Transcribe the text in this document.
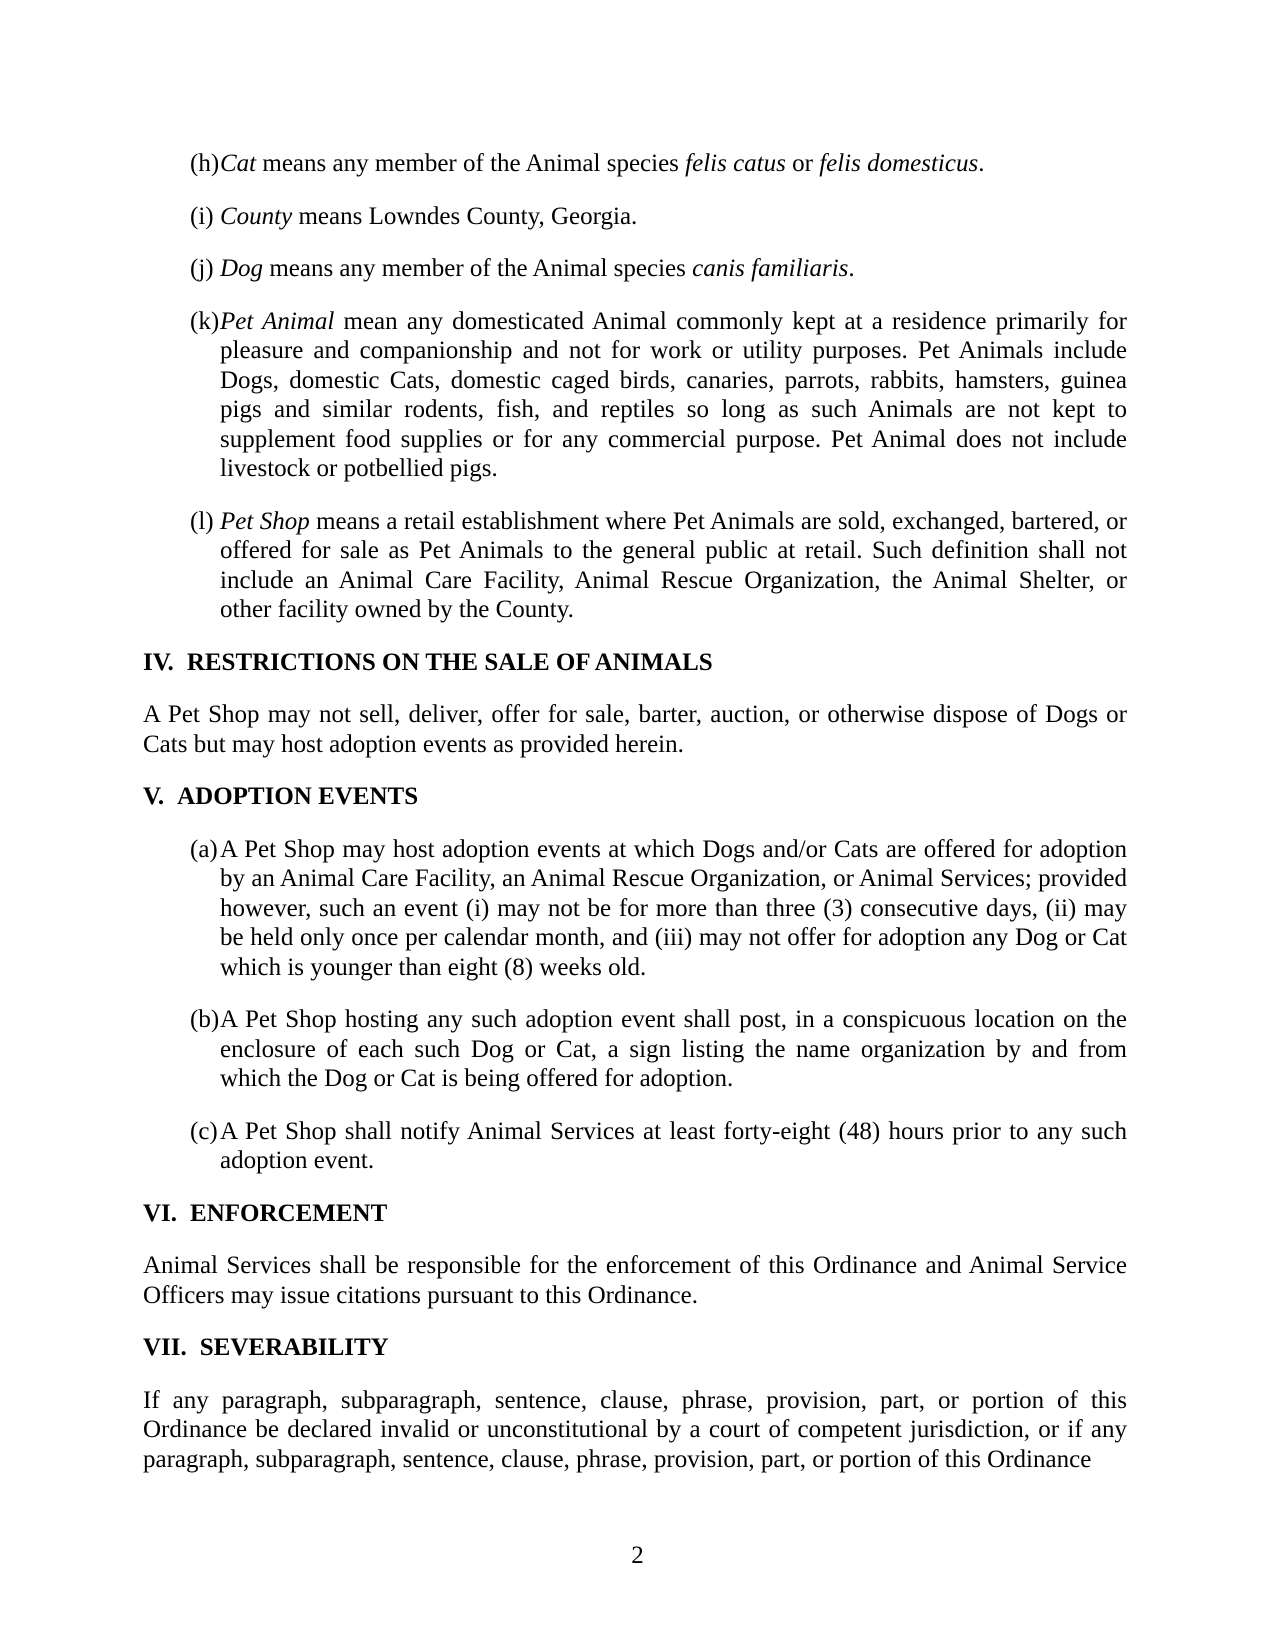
(h) Cat means any member of the Animal species felis catus or felis domesticus.
(i) County means Lowndes County, Georgia.
(j) Dog means any member of the Animal species canis familiaris.
(k) Pet Animal mean any domesticated Animal commonly kept at a residence primarily for pleasure and companionship and not for work or utility purposes. Pet Animals include Dogs, domestic Cats, domestic caged birds, canaries, parrots, rabbits, hamsters, guinea pigs and similar rodents, fish, and reptiles so long as such Animals are not kept to supplement food supplies or for any commercial purpose. Pet Animal does not include livestock or potbellied pigs.
(l) Pet Shop means a retail establishment where Pet Animals are sold, exchanged, bartered, or offered for sale as Pet Animals to the general public at retail. Such definition shall not include an Animal Care Facility, Animal Rescue Organization, the Animal Shelter, or other facility owned by the County.
IV. RESTRICTIONS ON THE SALE OF ANIMALS

A Pet Shop may not sell, deliver, offer for sale, barter, auction, or otherwise dispose of Dogs or Cats but may host adoption events as provided herein.

V. ADOPTION EVENTS
(a) A Pet Shop may host adoption events at which Dogs and/or Cats are offered for adoption by an Animal Care Facility, an Animal Rescue Organization, or Animal Services; provided however, such an event (i) may not be for more than three (3) consecutive days, (ii) may be held only once per calendar month, and (iii) may not offer for adoption any Dog or Cat which is younger than eight (8) weeks old.
(b) A Pet Shop hosting any such adoption event shall post, in a conspicuous location on the enclosure of each such Dog or Cat, a sign listing the name organization by and from which the Dog or Cat is being offered for adoption.
(c) A Pet Shop shall notify Animal Services at least forty-eight (48) hours prior to any such adoption event.
VI. ENFORCEMENT

Animal Services shall be responsible for the enforcement of this Ordinance and Animal Service Officers may issue citations pursuant to this Ordinance.

VII. SEVERABILITY

If any paragraph, subparagraph, sentence, clause, phrase, provision, part, or portion of this Ordinance be declared invalid or unconstitutional by a court of competent jurisdiction, or if any paragraph, subparagraph, sentence, clause, phrase, provision, part, or portion of this Ordinance

2
